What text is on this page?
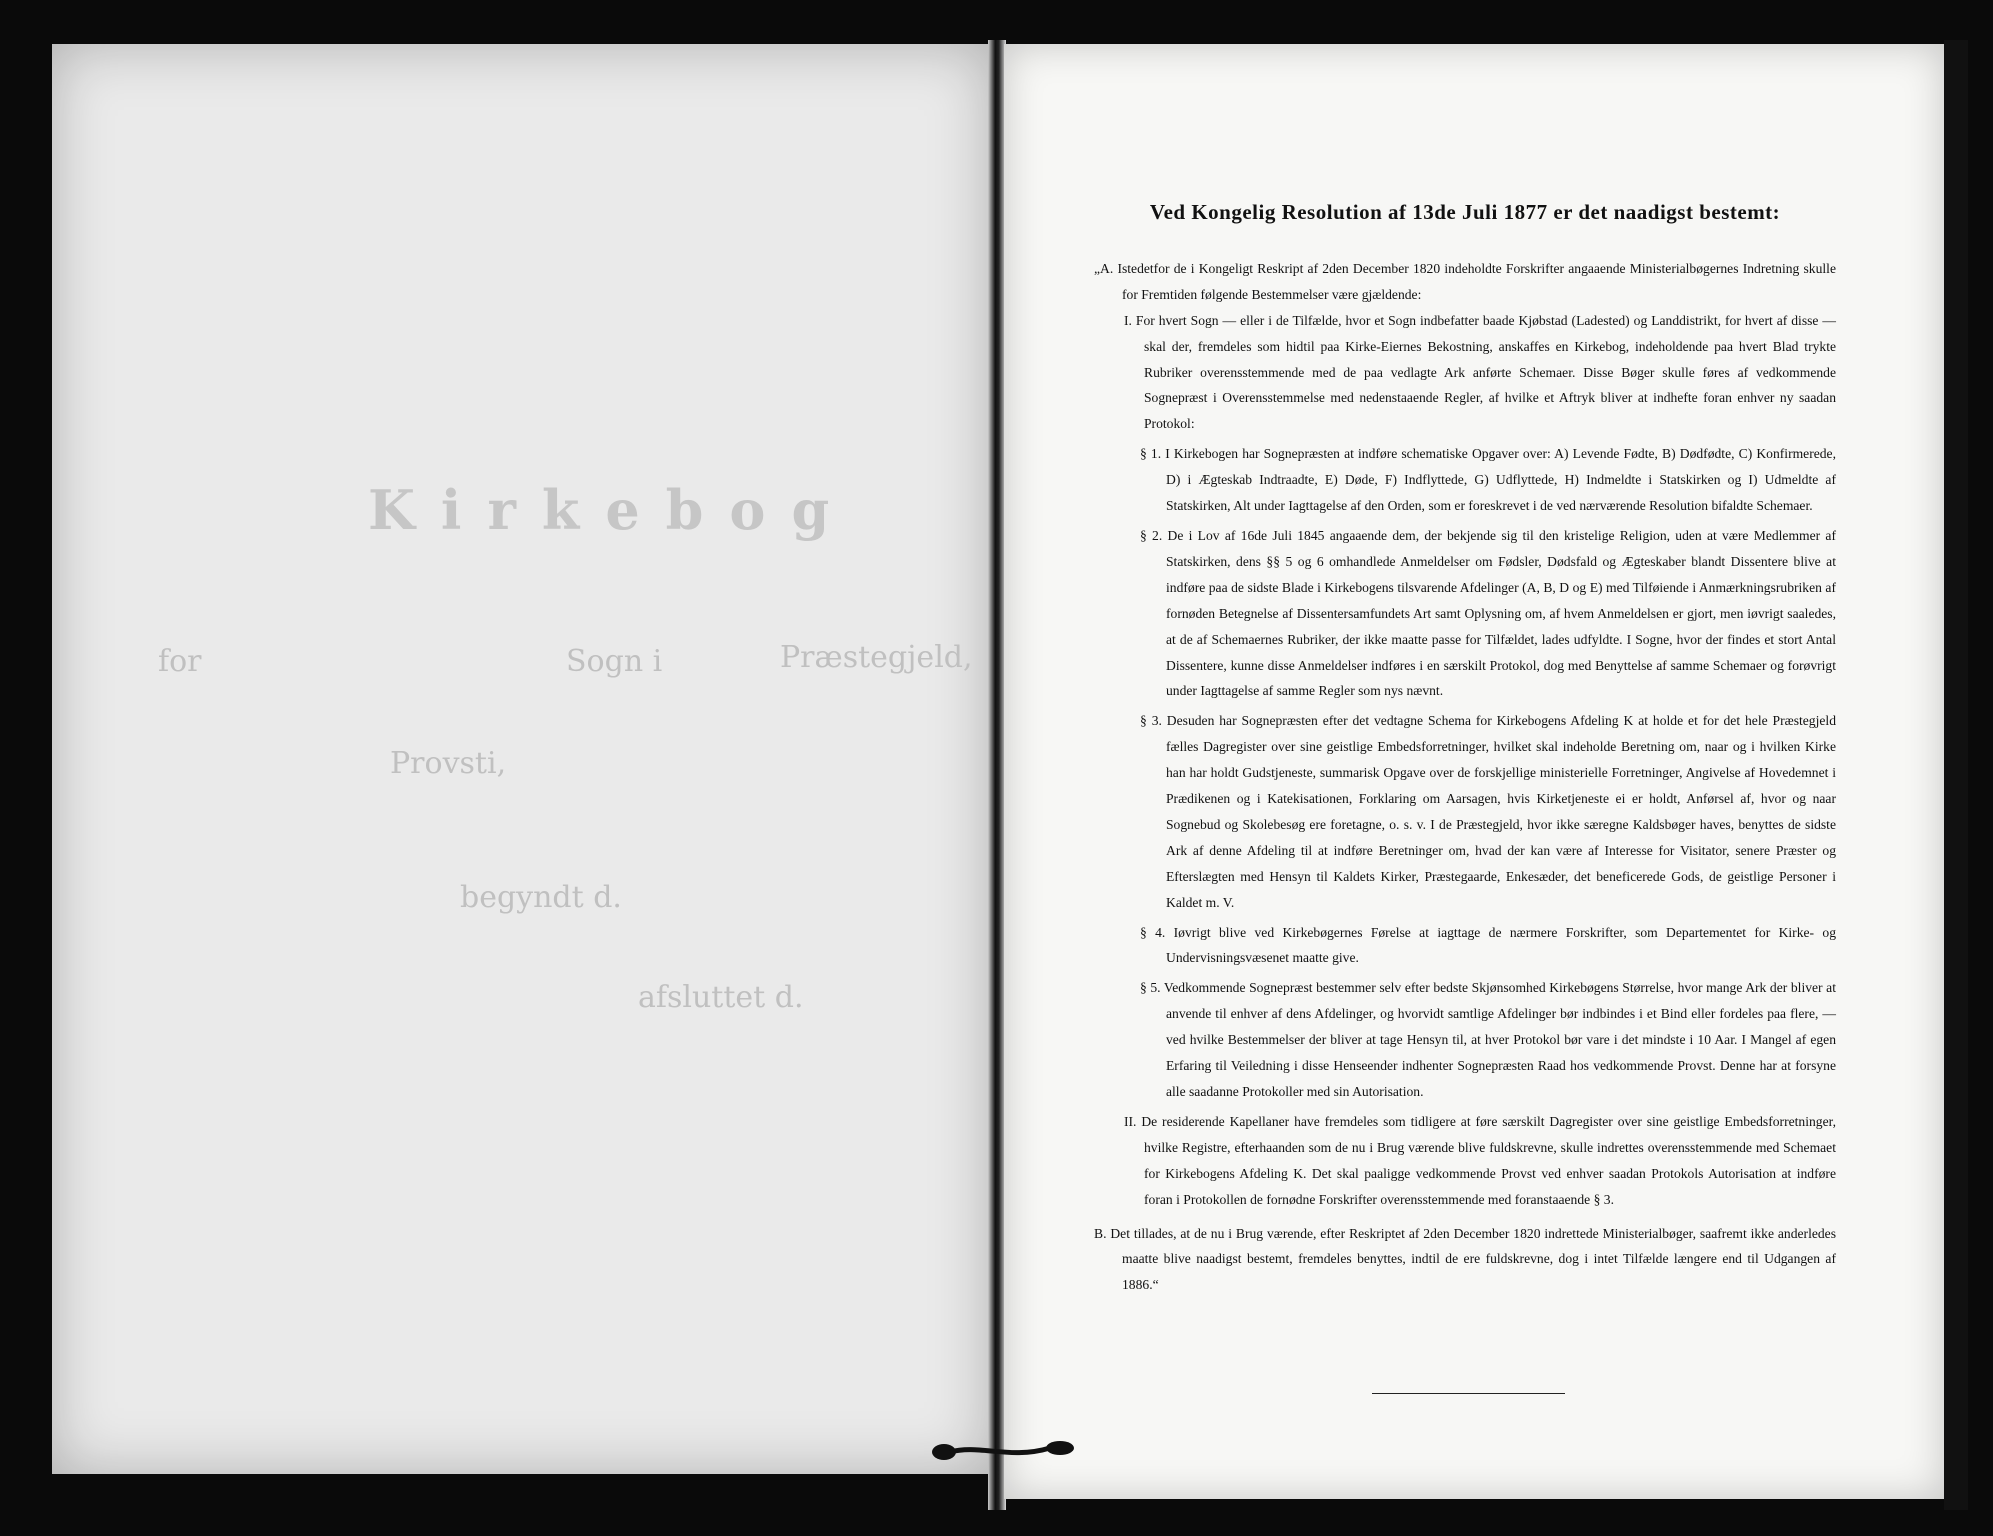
Kirkebog
for	Sogn i	Præstegjeld,
Provsti,
begyndt d.
afsluttet d.

Ved Kongelig Resolution af 13de Juli 1877 er det naadigst bestemt:

„A. Istedetfor de i Kongeligt Reskript af 2den December 1820 indeholdte Forskrifter angaaende Ministerialbøgernes Indretning skulle for Fremtiden følgende Bestemmelser være gjældende:

I. For hvert Sogn — eller i de Tilfælde, hvor et Sogn indbefatter baade Kjøbstad (Ladested) og Landdistrikt, for hvert af disse — skal der, fremdeles som hidtil paa Kirke-Eiernes Bekostning, anskaffes en Kirkebog, indeholdende paa hvert Blad trykte Rubriker overensstemmende med de paa vedlagte Ark anførte Schemaer. Disse Bøger skulle føres af vedkommende Sognepræst i Overensstemmelse med nedenstaaende Regler, af hvilke et Aftryk bliver at indhefte foran enhver ny saadan Protokol:

§ 1. I Kirkebogen har Sognepræsten at indføre schematiske Opgaver over: A) Levende Fødte, B) Dødfødte, C) Konfirmerede, D) i Ægteskab Indtraadte, E) Døde, F) Indflyttede, G) Udflyttede, H) Indmeldte i Statskirken og I) Udmeldte af Statskirken, Alt under Iagttagelse af den Orden, som er foreskrevet i de ved nærværende Resolution bifaldte Schemaer.

§ 2. De i Lov af 16de Juli 1845 angaaende dem, der bekjende sig til den kristelige Religion, uden at være Medlemmer af Statskirken, dens §§ 5 og 6 omhandlede Anmeldelser om Fødsler, Dødsfald og Ægteskaber blandt Dissentere blive at indføre paa de sidste Blade i Kirkebogens tilsvarende Afdelinger (A, B, D og E) med Tilføiende i Anmærkningsrubriken af fornøden Betegnelse af Dissentersamfundets Art samt Oplysning om, af hvem Anmeldelsen er gjort, men iøvrigt saaledes, at de af Schemaernes Rubriker, der ikke maatte passe for Tilfældet, lades udfyldte. I Sogne, hvor der findes et stort Antal Dissentere, kunne disse Anmeldelser indføres i en særskilt Protokol, dog med Benyttelse af samme Schemaer og forøvrigt under Iagttagelse af samme Regler som nys nævnt.

§ 3. Desuden har Sognepræsten efter det vedtagne Schema for Kirkebogens Afdeling K at holde et for det hele Præstegjeld fælles Dagregister over sine geistlige Embedsforretninger, hvilket skal indeholde Beretning om, naar og i hvilken Kirke han har holdt Gudstjeneste, summarisk Opgave over de forskjellige ministerielle Forretninger, Angivelse af Hovedemnet i Prædikenen og i Katekisationen, Forklaring om Aarsagen, hvis Kirketjeneste ei er holdt, Anførsel af, hvor og naar Sognebud og Skolebesøg ere foretagne, o. s. v. I de Præstegjeld, hvor ikke særegne Kaldsbøger haves, benyttes de sidste Ark af denne Afdeling til at indføre Beretninger om, hvad der kan være af Interesse for Visitator, senere Præster og Efterslægten med Hensyn til Kaldets Kirker, Præstegaarde, Enkesæder, det beneficerede Gods, de geistlige Personer i Kaldet m. V.

§ 4. Iøvrigt blive ved Kirkebøgernes Førelse at iagttage de nærmere Forskrifter, som Departementet for Kirke- og Undervisningsvæsenet maatte give.

§ 5. Vedkommende Sognepræst bestemmer selv efter bedste Skjønsomhed Kirkebøgens Størrelse, hvor mange Ark der bliver at anvende til enhver af dens Afdelinger, og hvorvidt samtlige Afdelinger bør indbindes i et Bind eller fordeles paa flere, — ved hvilke Bestemmelser der bliver at tage Hensyn til, at hver Protokol bør vare i det mindste i 10 Aar. I Mangel af egen Erfaring til Veiledning i disse Henseender indhenter Sognepræsten Raad hos vedkommende Provst. Denne har at forsyne alle saadanne Protokoller med sin Autorisation.

II. De residerende Kapellaner have fremdeles som tidligere at føre særskilt Dagregister over sine geistlige Embedsforretninger, hvilke Registre, efterhaanden som de nu i Brug værende blive fuldskrevne, skulle indrettes overensstemmende med Schemaet for Kirkebogens Afdeling K. Det skal paaligge vedkommende Provst ved enhver saadan Protokols Autorisation at indføre foran i Protokollen de fornødne Forskrifter overensstemmende med foranstaaende § 3.

B. Det tillades, at de nu i Brug værende, efter Reskriptet af 2den December 1820 indrettede Ministerialbøger, saafremt ikke anderledes maatte blive naadigst bestemt, fremdeles benyttes, indtil de ere fuldskrevne, dog i intet Tilfælde længere end til Udgangen af 1886.“
